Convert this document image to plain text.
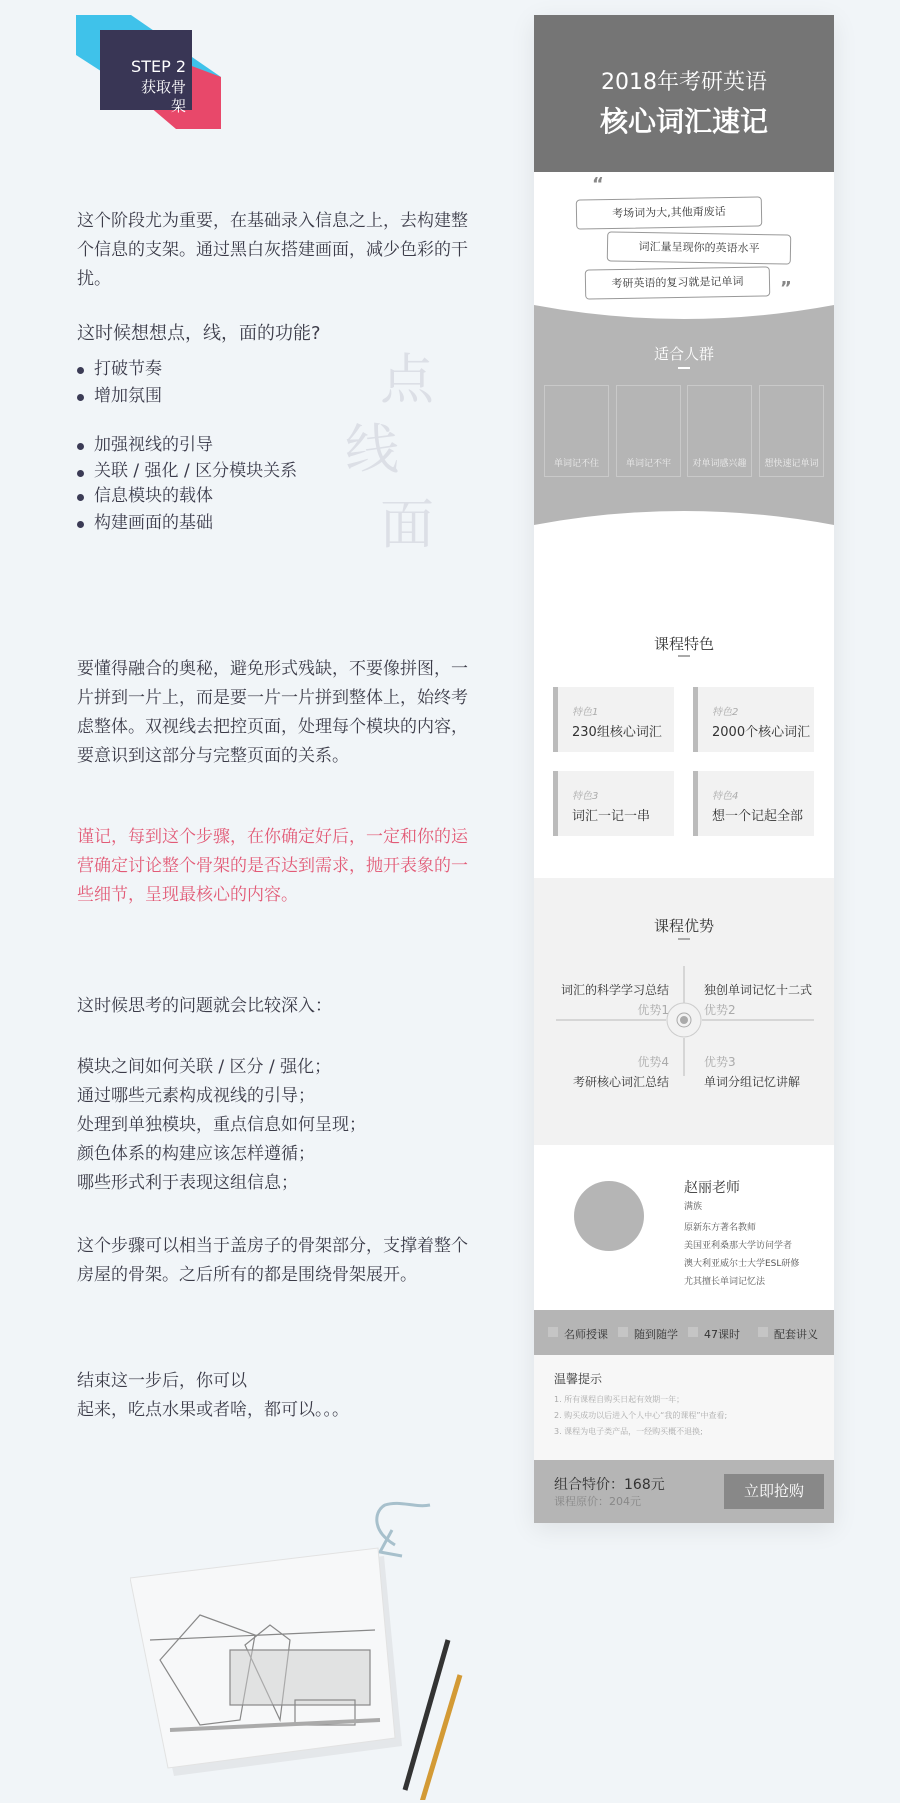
STEP 2
获取骨架
点
线
面

这个阶段尤为重要，在基础录入信息之上，去构建整个信息的支架。通过黑白灰搭建画面，减少色彩的干扰。

这时候想想点，线，面的功能?

打破节奏
增加氛围
加强视线的引导
关联 / 强化 / 区分模块关系
信息模块的载体
构建画面的基础

要懂得融合的奥秘，避免形式残缺，不要像拼图，一片拼到一片上，而是要一片一片拼到整体上，始终考虑整体。双视线去把控页面，处理每个模块的内容，要意识到这部分与完整页面的关系。

谨记，每到这个步骤，在你确定好后，一定和你的运营确定讨论整个骨架的是否达到需求，抛开表象的一些细节，呈现最核心的内容。

这时候思考的问题就会比较深入：

模块之间如何关联 / 区分 / 强化；
通过哪些元素构成视线的引导；
处理到单独模块，重点信息如何呈现；
颜色体系的构建应该怎样遵循；
哪些形式利于表现这组信息；

这个步骤可以相当于盖房子的骨架部分，支撑着整个房屋的骨架。之后所有的都是围绕骨架展开。

结束这一步后，你可以
起来，吃点水果或者啥，都可以。。。
2018年考研英语
核心词汇速记
考场词为大,其他甭废话
词汇量呈现你的英语水平
考研英语的复习就是记单词
适合人群
单词记不住	单词记不牢	对单词感兴趣	想快速记单词
“
”
课程特色
特色1
230组核心词汇
特色2
2000个核心词汇
特色3
词汇一记一串
特色4
想一个记起全部
课程优势
词汇的科学学习总结
优势1
独创单词记忆十二式
优势2
优势3
单词分组记忆讲解
优势4
考研核心词汇总结
赵丽老师
满族
原新东方著名教师
美国亚利桑那大学访问学者
澳大利亚威尔士大学ESL研修
尤其擅长单词记忆法
名师授课	随到随学	47课时	配套讲义
温馨提示
1. 所有课程自购买日起有效期一年；
2. 购买成功以后进入个人中心“我的课程”中查看;
3. 课程为电子类产品，一经购买概不退换;
组合特价：168元
课程原价：204元
立即抢购
